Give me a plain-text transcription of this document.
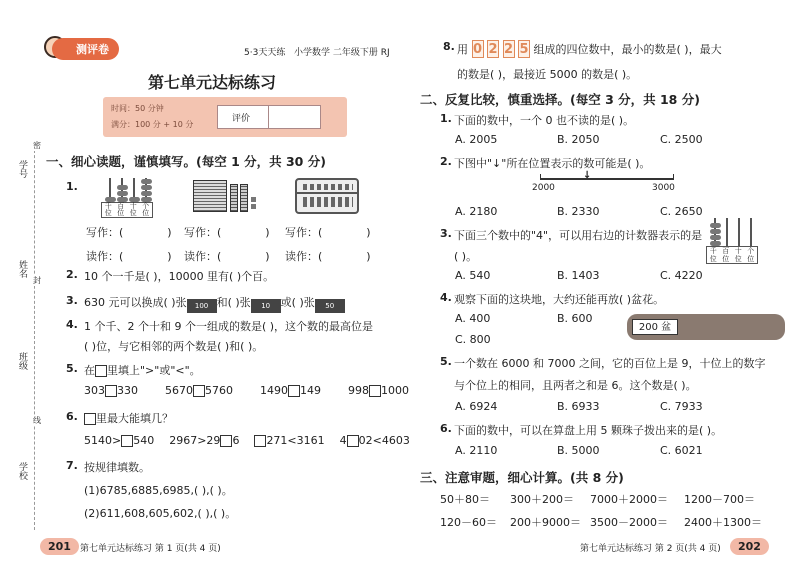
测评卷	5·3天天练 小学数学 二年级下册 RJ
第七单元达标练习
时间：50 分钟
满分：100 分 + 10 分
评价
学号
姓名
班级
学校
密
封
线
一、细心读题，谨慎填写。(每空 1 分，共 30 分)
1.
千位
百位
十位
个位
写作：(	) 写作：(	) 写作：(	)
读作：(	) 读作：(	) 读作：(	)
2. 10 个一千是( )，10000 里有( )个百。
3. 630 元可以换成( )张 100 和( )张 10 或( )张 50
4. 1 个千、2 个十和 9 个一组成的数是( )，这个数的最高位是
( )位，与它相邻的两个数是( )和( )。
5. 在 里填上">"或"<"。
303 330 5670 5760 1490 149 998 1000
6.	里最大能填几？
5140> 540 2967>29 6 271<3161 4 02<4603
7. 按规律填数。
(1)6785,6885,6985,( ),( )。
(2)611,608,605,602,( ),( )。
8. 用 0 2 2 5 组成的四位数中，最小的数是( )，最大
的数是( )，最接近 5000 的数是( )。
二、反复比较，慎重选择。(每空 3 分，共 18 分)
1. 下面的数中，一个 0 也不读的是( )。
A. 2005	B. 2050	C. 2500
2. 下图中"↓"所在位置表示的数可能是( )。
↓
2000	3000
A. 2180	B. 2330	C. 2650
3. 下面三个数中的"4"，可以用右边的计数器表示的是
( )。	千位
百位
十位
个位
A. 540	B. 1403	C. 4220
4. 观察下面的这块地，大约还能再放( )盆花。
200 盆
A. 400	B. 600
C. 800
5. 一个数在 6000 和 7000 之间，它的百位上是 9，十位上的数字
与个位上的相同，且两者之和是 6。这个数是( )。
A. 6924	B. 6933	C. 7933
6. 下面的数中，可以在算盘上用 5 颗珠子拨出来的是( )。
A. 2110	B. 5000	C. 6021
三、注意审题，细心计算。(共 8 分)
50＋80＝ 300＋200＝ 7000＋2000＝ 1200－700＝
120－60＝ 200＋9000＝ 3500－2000＝ 2400＋1300＝
201	第七单元达标练习 第 1 页(共 4 页)	第七单元达标练习 第 2 页(共 4 页)	202
